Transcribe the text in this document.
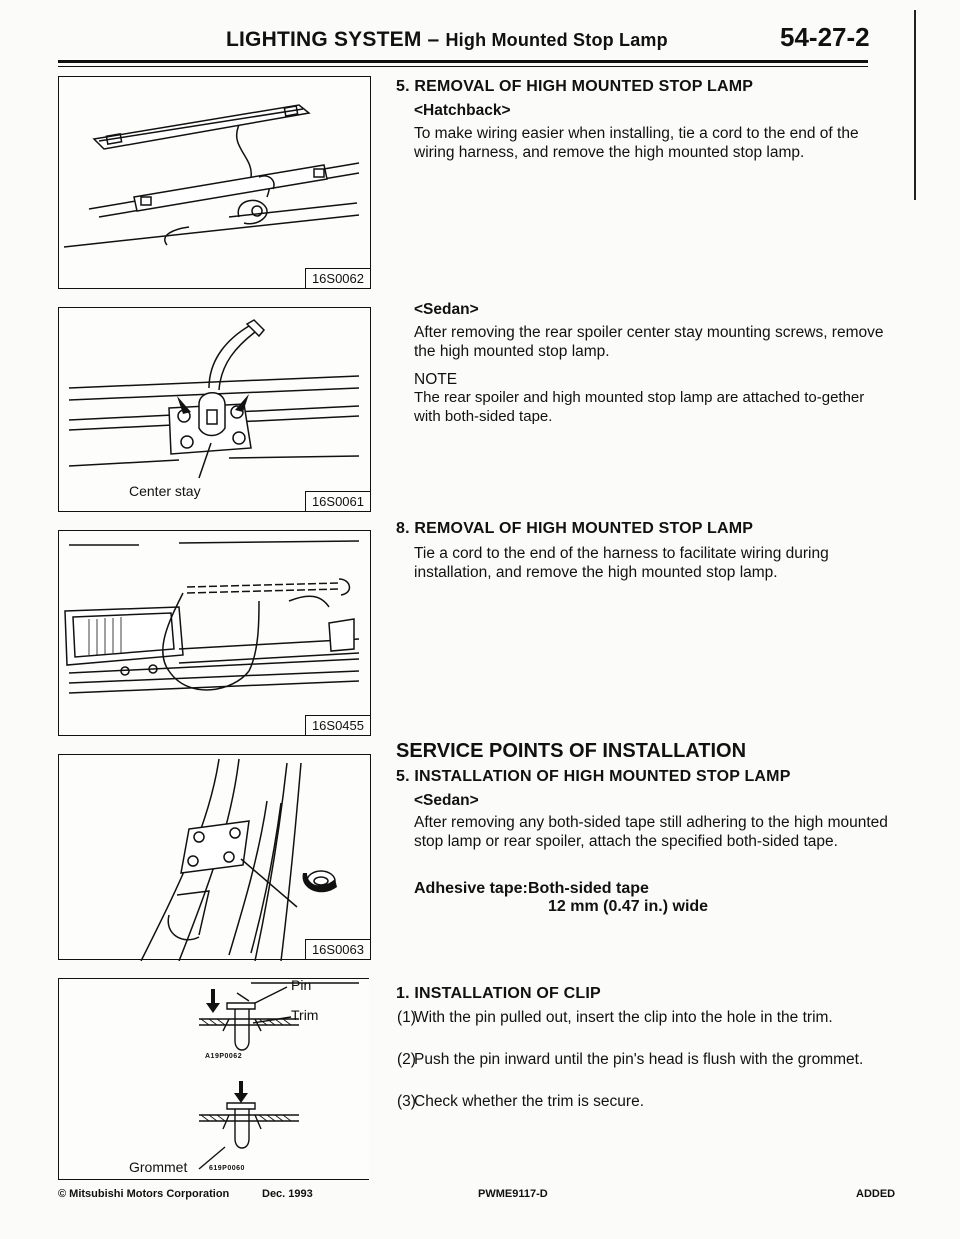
LIGHTING SYSTEM – High Mounted Stop Lamp	54-27-2
16S0062
Center stay
16S0061
16S0455
16S0063
Pin
Trim
A19P0062
Grommet	619P0060
5. REMOVAL OF HIGH MOUNTED STOP LAMP
<Hatchback>
To make wiring easier when installing, tie a cord to the end of the wiring harness, and remove the high mounted stop lamp.
<Sedan>
After removing the rear spoiler center stay mounting screws, remove the high mounted stop lamp.
NOTE
The rear spoiler and high mounted stop lamp are attached to-gether with both-sided tape.
8. REMOVAL OF HIGH MOUNTED STOP LAMP
Tie a cord to the end of the harness to facilitate wiring during installation, and remove the high mounted stop lamp.
SERVICE POINTS OF INSTALLATION
5. INSTALLATION OF HIGH MOUNTED STOP LAMP
<Sedan>
After removing any both-sided tape still adhering to the high mounted stop lamp or rear spoiler, attach the specified both-sided tape.
Adhesive tape: Both-sided tape
12 mm (0.47 in.) wide
1. INSTALLATION OF CLIP
(1)
With the pin pulled out, insert the clip into the hole in the trim.
(2)
Push the pin inward until the pin's head is flush with the grommet.
(3)
Check whether the trim is secure.
© Mitsubishi Motors Corporation	Dec. 1993	PWME9117-D	ADDED
